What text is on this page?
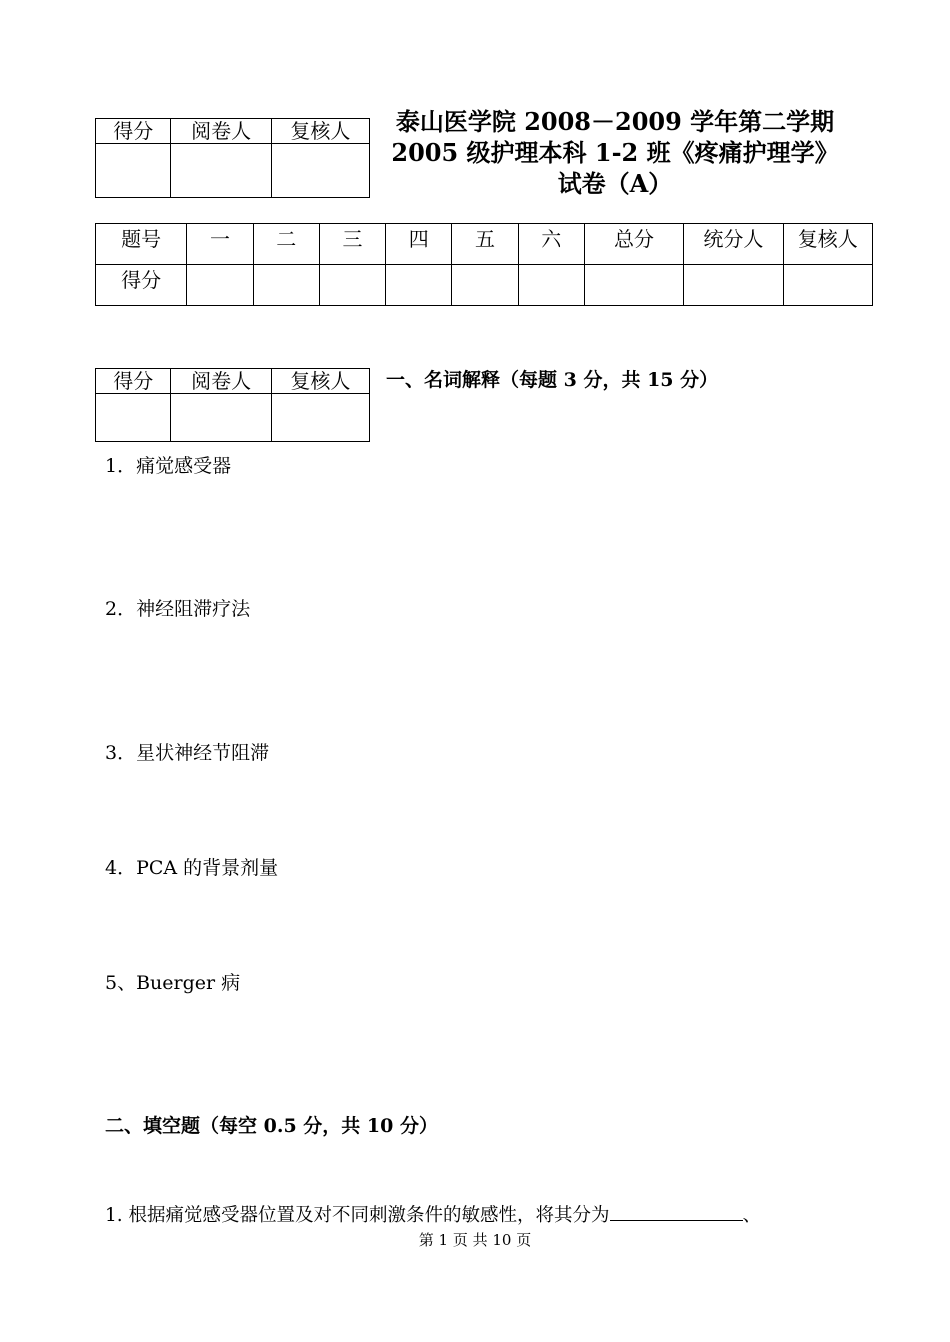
得分	阅卷人	复核人
			泰山医学院 2008－2009 学年第二学期
2005 级护理本科 1-2 班《疼痛护理学》
试卷（A）
题号	一	二	三	四	五	六	总分	统分人	复核人
得分									
得分	阅卷人	复核人
		一、名词解释（每题 3 分，共 15 分）
1．痛觉感受器
2．神经阻滞疗法
3．星状神经节阻滞
4．PCA 的背景剂量
5、Buerger 病
二、填空题（每空 0.5 分，共 10 分）
1. 根据痛觉感受器位置及对不同刺激条件的敏感性，将其分为	、
第 1 页 共 10 页
